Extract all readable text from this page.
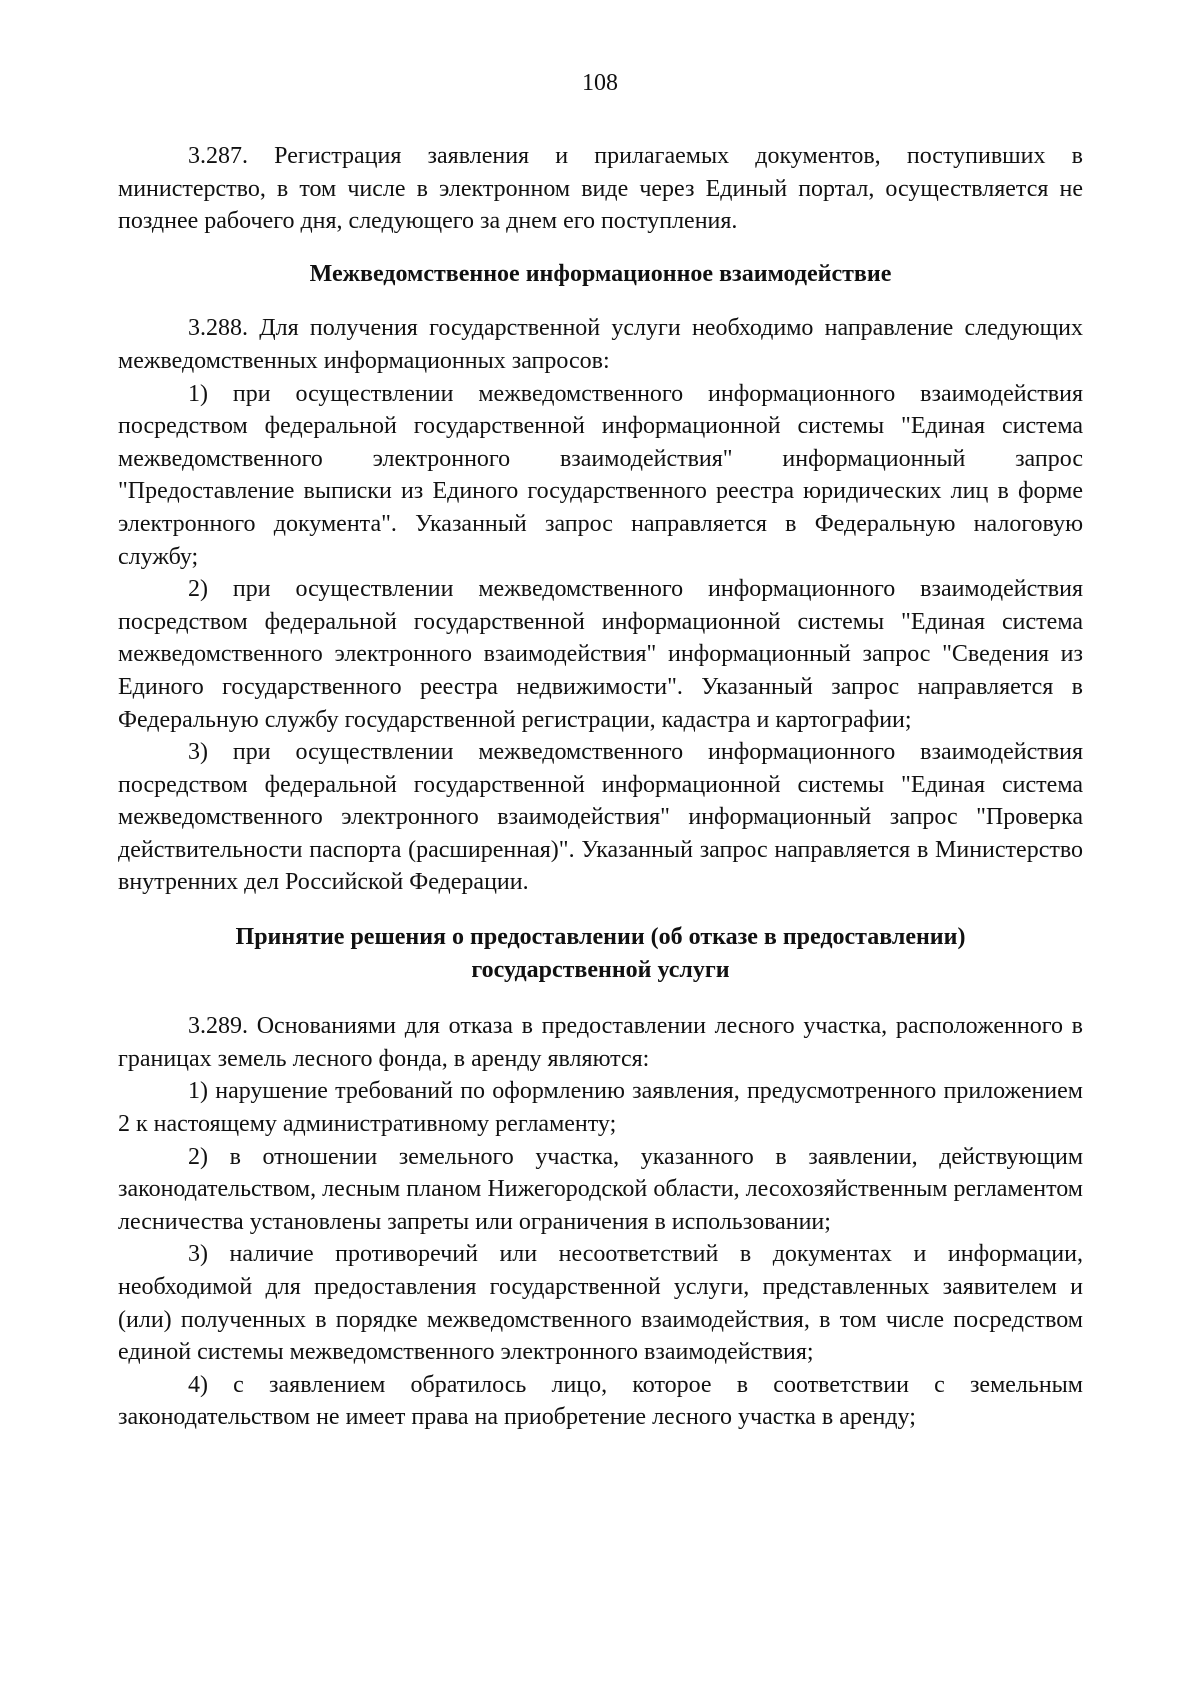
108

3.287. Регистрация заявления и прилагаемых документов, поступивших в министерство, в том числе в электронном виде через Единый портал, осуществляется не позднее рабочего дня, следующего за днем его поступления.

Межведомственное информационное взаимодействие

3.288. Для получения государственной услуги необходимо направление следующих межведомственных информационных запросов:

1) при осуществлении межведомственного информационного взаимодействия посредством федеральной государственной информационной системы "Единая система межведомственного электронного взаимодействия" информационный запрос "Предоставление выписки из Единого государственного реестра юридических лиц в форме электронного документа". Указанный запрос направляется в Федеральную налоговую службу;

2) при осуществлении межведомственного информационного взаимодействия посредством федеральной государственной информационной системы "Единая система межведомственного электронного взаимодействия" информационный запрос "Сведения из Единого государственного реестра недвижимости". Указанный запрос направляется в Федеральную службу государственной регистрации, кадастра и картографии;

3) при осуществлении межведомственного информационного взаимодействия посредством федеральной государственной информационной системы "Единая система межведомственного электронного взаимодействия" информационный запрос "Проверка действительности паспорта (расширенная)". Указанный запрос направляется в Министерство внутренних дел Российской Федерации.

Принятие решения о предоставлении (об отказе в предоставлении)
государственной услуги

3.289. Основаниями для отказа в предоставлении лесного участка, расположенного в границах земель лесного фонда, в аренду являются:

1) нарушение требований по оформлению заявления, предусмотренного приложением 2 к настоящему административному регламенту;

2) в отношении земельного участка, указанного в заявлении, действующим законодательством, лесным планом Нижегородской области, лесохозяйственным регламентом лесничества установлены запреты или ограничения в использовании;

3) наличие противоречий или несоответствий в документах и информации, необходимой для предоставления государственной услуги, представленных заявителем и (или) полученных в порядке межведомственного взаимодействия, в том числе посредством единой системы межведомственного электронного взаимодействия;

4) с заявлением обратилось лицо, которое в соответствии с земельным законодательством не имеет права на приобретение лесного участка в аренду;
